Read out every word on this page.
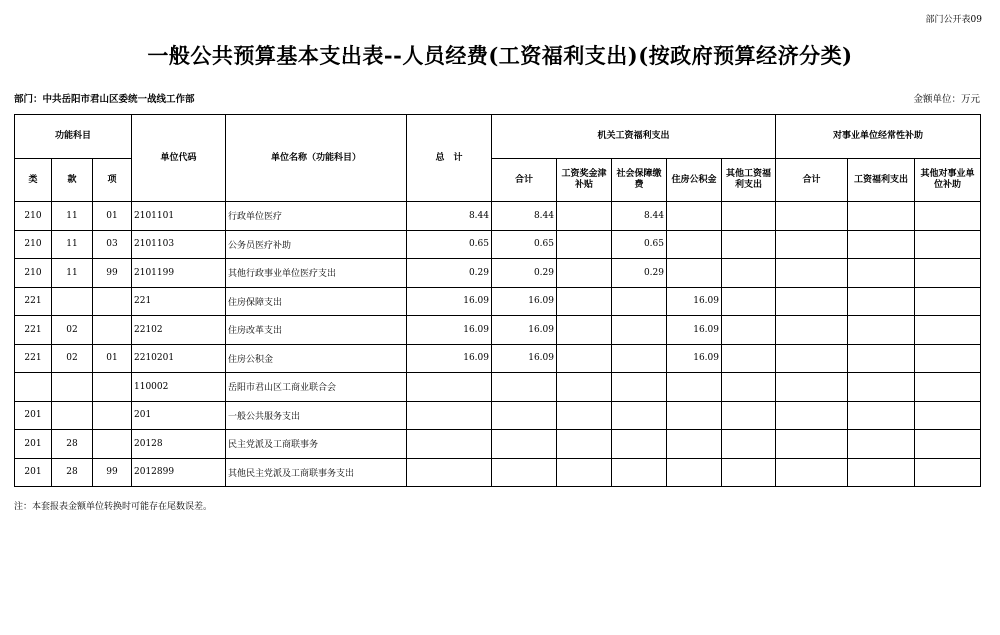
部门公开表09
一般公共预算基本支出表--人员经费(工资福利支出)(按政府预算经济分类)
部门：中共岳阳市君山区委统一战线工作部	金额单位：万元
功能科目			单位代码	单位名称（功能科目）	总　计	机关工资福利支出					对事业单位经常性补助		
类	款	项				合计	工资奖金津补贴	社会保障缴费	住房公积金	其他工资福利支出	合计	工资福利支出	其他对事业单位补助
210	11	01	2101101	行政单位医疗	8.44	8.44		8.44					
210	11	03	2101103	公务员医疗补助	0.65	0.65		0.65					
210	11	99	2101199	其他行政事业单位医疗支出	0.29	0.29		0.29					
221			221	住房保障支出	16.09	16.09			16.09				
221	02		22102	住房改革支出	16.09	16.09			16.09				
221	02	01	2210201	住房公积金	16.09	16.09			16.09				
			110002	岳阳市君山区工商业联合会									
201			201	一般公共服务支出									
201	28		20128	民主党派及工商联事务									
201	28	99	2012899	其他民主党派及工商联事务支出									
注：本套报表金额单位转换时可能存在尾数误差。
